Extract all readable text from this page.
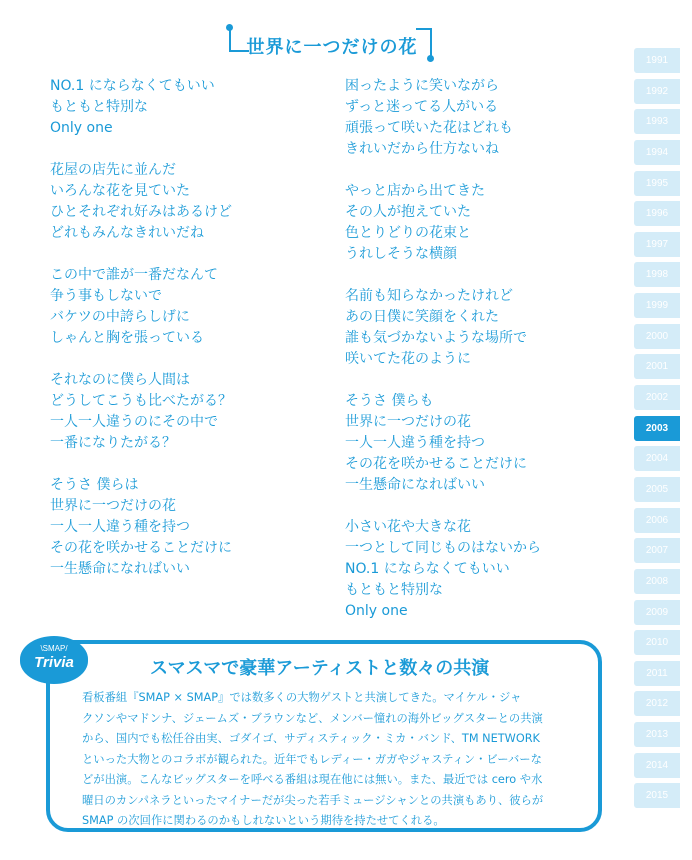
世界に一つだけの花
NO.1 にならなくてもいい
もともと特別な
Only one
花屋の店先に並んだ
いろんな花を見ていた
ひとそれぞれ好みはあるけど
どれもみんなきれいだね
この中で誰が一番だなんて
争う事もしないで
バケツの中誇らしげに
しゃんと胸を張っている
それなのに僕ら人間は
どうしてこうも比べたがる？
一人一人違うのにその中で
一番になりたがる？
そうさ 僕らは
世界に一つだけの花
一人一人違う種を持つ
その花を咲かせることだけに
一生懸命になればいい
困ったように笑いながら
ずっと迷ってる人がいる
頑張って咲いた花はどれも
きれいだから仕方ないね
やっと店から出てきた
その人が抱えていた
色とりどりの花束と
うれしそうな横顔
名前も知らなかったけれど
あの日僕に笑顔をくれた
誰も気づかないような場所で
咲いてた花のように
そうさ 僕らも
世界に一つだけの花
一人一人違う種を持つ
その花を咲かせることだけに
一生懸命になればいい
小さい花や大きな花
一つとして同じものはないから
NO.1 にならなくてもいい
もともと特別な
Only one
1991
1992
1993
1994
1995
1996
1997
1998
1999
2000
2001
2002
2003
2004
2005
2006
2007
2008
2009
2010
2011
2012
2013
2014
2015
\SMAP/
Trivia	スマスマで豪華アーティストと数々の共演
看板番組『SMAP × SMAP』では数多くの大物ゲストと共演してきた。マイケル・ジャ
クソンやマドンナ、ジェームズ・ブラウンなど、メンバー憧れの海外ビッグスターとの共演
から、国内でも松任谷由実、ゴダイゴ、サディスティック・ミカ・バンド、TM NETWORK
といった大物とのコラボが観られた。近年でもレディー・ガガやジャスティン・ビーバーな
どが出演。こんなビッグスターを呼べる番組は現在他には無い。また、最近では cero や水
曜日のカンパネラといったマイナーだが尖った若手ミュージシャンとの共演もあり、彼らが
SMAP の次回作に関わるのかもしれないという期待を持たせてくれる。
